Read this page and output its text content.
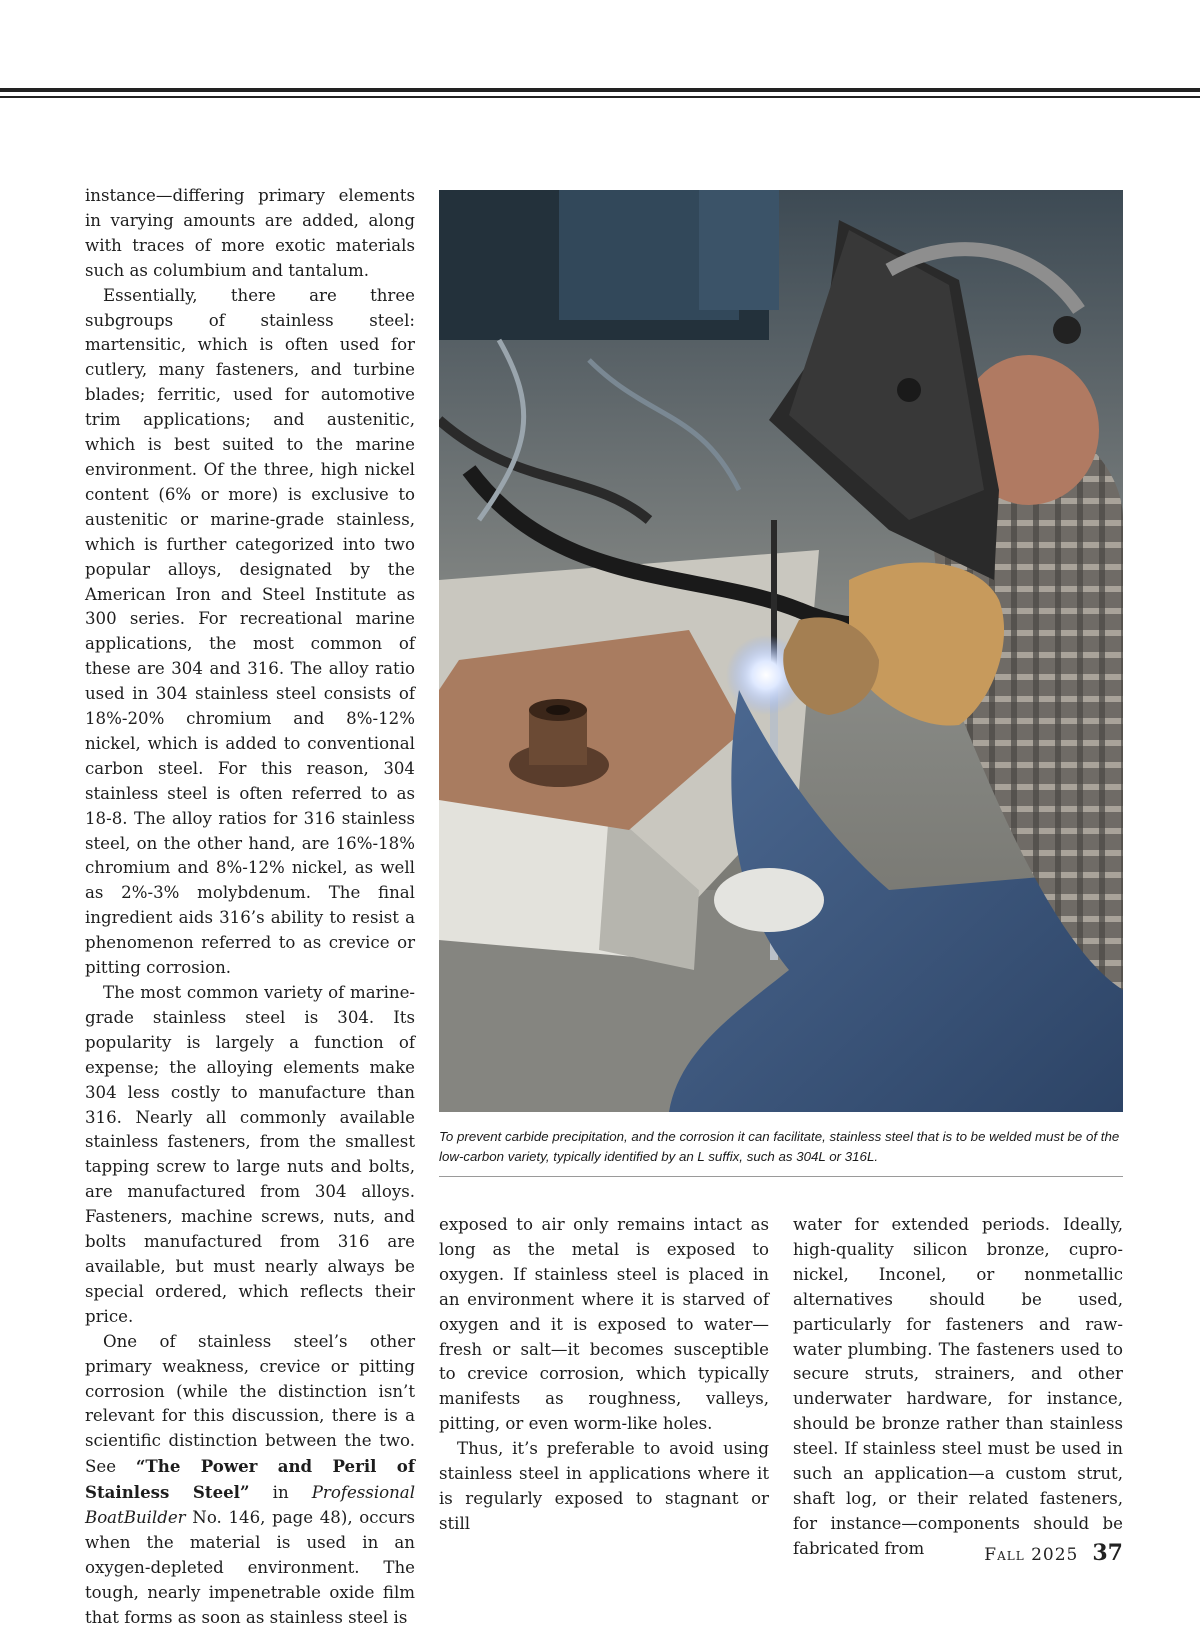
instance—differing primary elements in varying amounts are added, along with traces of more exotic materials such as columbium and tantalum.

Essentially, there are three subgroups of stainless steel: martensitic, which is often used for cutlery, many fasteners, and turbine blades; ferritic, used for automotive trim applications; and austenitic, which is best suited to the marine environment. Of the three, high nickel content (6% or more) is exclusive to austenitic or marine-grade stainless, which is further categorized into two popular alloys, designated by the American Iron and Steel Institute as 300 series. For recreational marine applications, the most common of these are 304 and 316. The alloy ratio used in 304 stainless steel consists of 18%-20% chromium and 8%-12% nickel, which is added to conventional carbon steel. For this reason, 304 stainless steel is often referred to as 18-8. The alloy ratios for 316 stainless steel, on the other hand, are 16%-18% chromium and 8%-12% nickel, as well as 2%-3% molybdenum. The final ingredient aids 316’s ability to resist a phenomenon referred to as crevice or pitting corrosion.

The most common variety of marine-grade stainless steel is 304. Its popularity is largely a function of expense; the alloying elements make 304 less costly to manufacture than 316. Nearly all commonly available stainless fasteners, from the smallest tapping screw to large nuts and bolts, are manufactured from 304 alloys. Fasteners, machine screws, nuts, and bolts manufactured from 316 are available, but must nearly always be special ordered, which reflects their price.

One of stainless steel’s other primary weakness, crevice or pitting corrosion (while the distinction isn’t relevant for this discussion, there is a scientific distinction between the two. See “The Power and Peril of Stainless Steel” in Professional BoatBuilder No. 146, page 48), occurs when the material is used in an oxygen-depleted environment. The tough, nearly impenetrable oxide film that forms as soon as stainless steel is

To prevent carbide precipitation, and the corrosion it can facilitate, stainless steel that is to be welded must be of the low-carbon variety, typically identified by an L suffix, such as 304L or 316L.

exposed to air only remains intact as long as the metal is exposed to oxygen. If stainless steel is placed in an environment where it is starved of oxygen and it is exposed to water—fresh or salt—it becomes susceptible to crevice corrosion, which typically manifests as roughness, valleys, pitting, or even worm-like holes.

Thus, it’s preferable to avoid using stainless steel in applications where it is regularly exposed to stagnant or still

water for extended periods. Ideally, high-quality silicon bronze, cupro-nickel, Inconel, or nonmetallic alternatives should be used, particularly for fasteners and raw-water plumbing. The fasteners used to secure struts, strainers, and other underwater hardware, for instance, should be bronze rather than stainless steel. If stainless steel must be used in such an application—a custom strut, shaft log, or their related fasteners, for instance—components should be fabricated from	Fall 2025 37
